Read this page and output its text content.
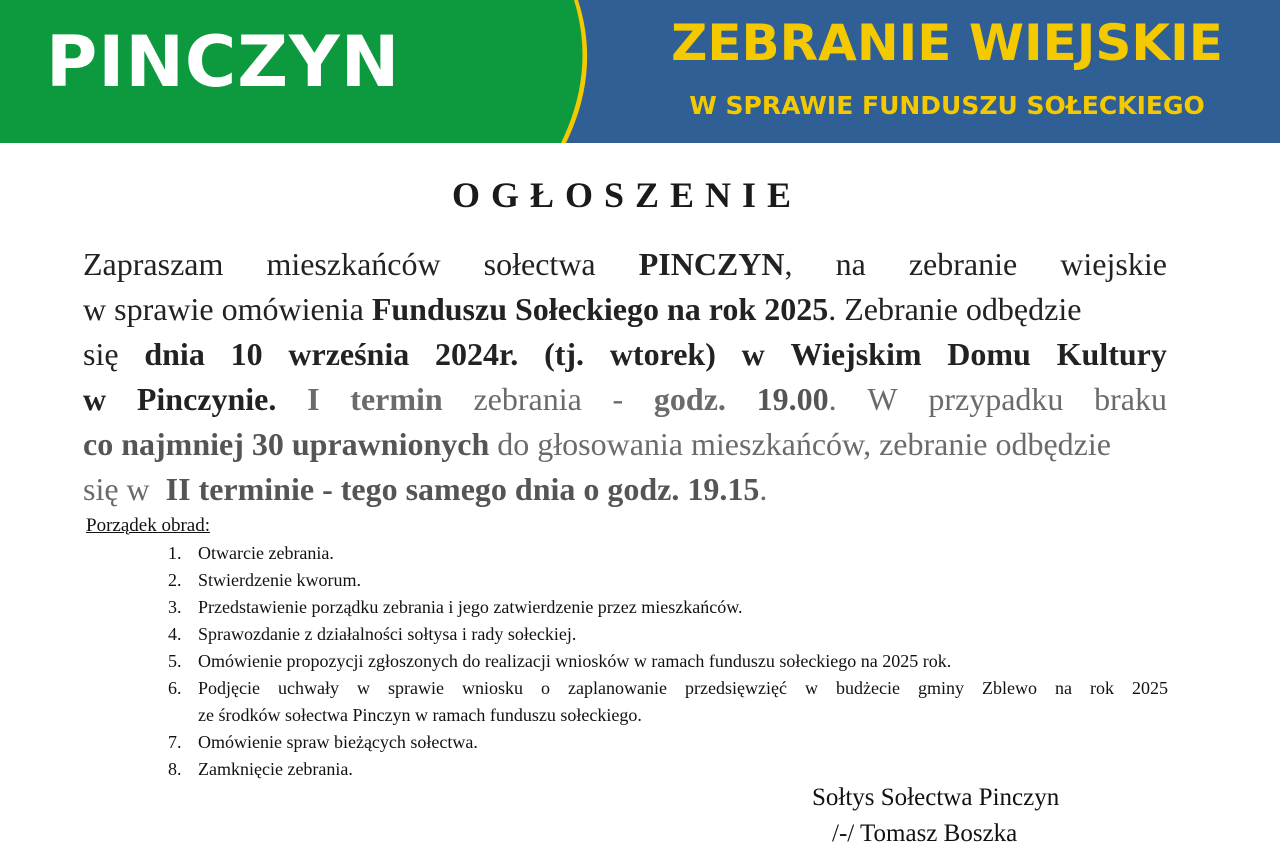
PINCZYN	ZEBRANIE WIEJSKIE
W SPRAWIE FUNDUSZU SOŁECKIEGO
OGŁOSZENIE
Zapraszam mieszkańców sołectwa PINCZYN, na zebranie wiejskie
w sprawie omówienia Funduszu Sołeckiego na rok 2025. Zebranie odbędzie
się dnia 10 września 2024r. (tj. wtorek) w Wiejskim Domu Kultury
w Pinczynie. I termin zebrania - godz. 19.00. W przypadku braku
co najmniej 30 uprawnionych do głosowania mieszkańców, zebranie odbędzie
się w II terminie - tego samego dnia o godz. 19.15.
Porządek obrad:
1. Otwarcie zebrania.
2. Stwierdzenie kworum.
3. Przedstawienie porządku zebrania i jego zatwierdzenie przez mieszkańców.
4. Sprawozdanie z działalności sołtysa i rady sołeckiej.
5. Omówienie propozycji zgłoszonych do realizacji wniosków w ramach funduszu sołeckiego na 2025 rok.
6. Podjęcie uchwały w sprawie wniosku o zaplanowanie przedsięwzięć w budżecie gminy Zblewo na rok 2025
ze środków sołectwa Pinczyn w ramach funduszu sołeckiego.
7. Omówienie spraw bieżących sołectwa.
8. Zamknięcie zebrania.
Sołtys Sołectwa Pinczyn
/-/ Tomasz Boszka
